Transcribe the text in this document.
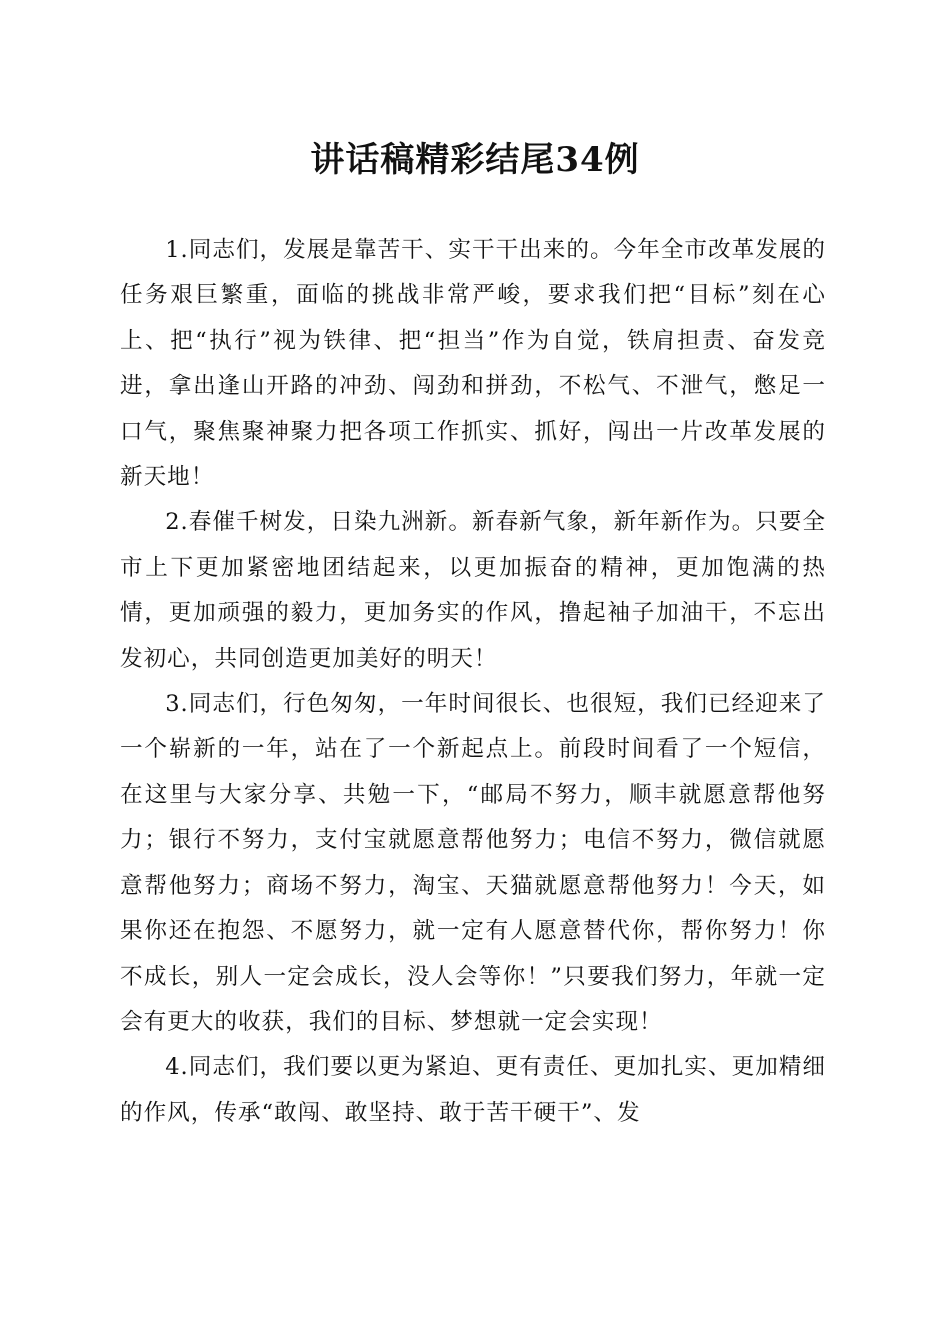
讲话稿精彩结尾34例

1.同志们，发展是靠苦干、实干干出来的。今年全市改革发展的任务艰巨繁重，面临的挑战非常严峻，要求我们把“目标”刻在心上、把“执行”视为铁律、把“担当”作为自觉，铁肩担责、奋发竞进，拿出逢山开路的冲劲、闯劲和拼劲，不松气、不泄气，憋足一口气，聚焦聚神聚力把各项工作抓实、抓好，闯出一片改革发展的新天地！

2.春催千树发，日染九洲新。新春新气象，新年新作为。只要全市上下更加紧密地团结起来，以更加振奋的精神，更加饱满的热情，更加顽强的毅力，更加务实的作风，撸起袖子加油干，不忘出发初心，共同创造更加美好的明天！

3.同志们，行色匆匆，一年时间很长、也很短，我们已经迎来了一个崭新的一年，站在了一个新起点上。前段时间看了一个短信，在这里与大家分享、共勉一下，“邮局不努力，顺丰就愿意帮他努力；银行不努力，支付宝就愿意帮他努力；电信不努力，微信就愿意帮他努力；商场不努力，淘宝、天猫就愿意帮他努力！今天，如果你还在抱怨、不愿努力，就一定有人愿意替代你，帮你努力！你不成长，别人一定会成长，没人会等你！”只要我们努力，年就一定会有更大的收获，我们的目标、梦想就一定会实现！

4.同志们，我们要以更为紧迫、更有责任、更加扎实、更加精细的作风，传承“敢闯、敢坚持、敢于苦干硬干”、发
